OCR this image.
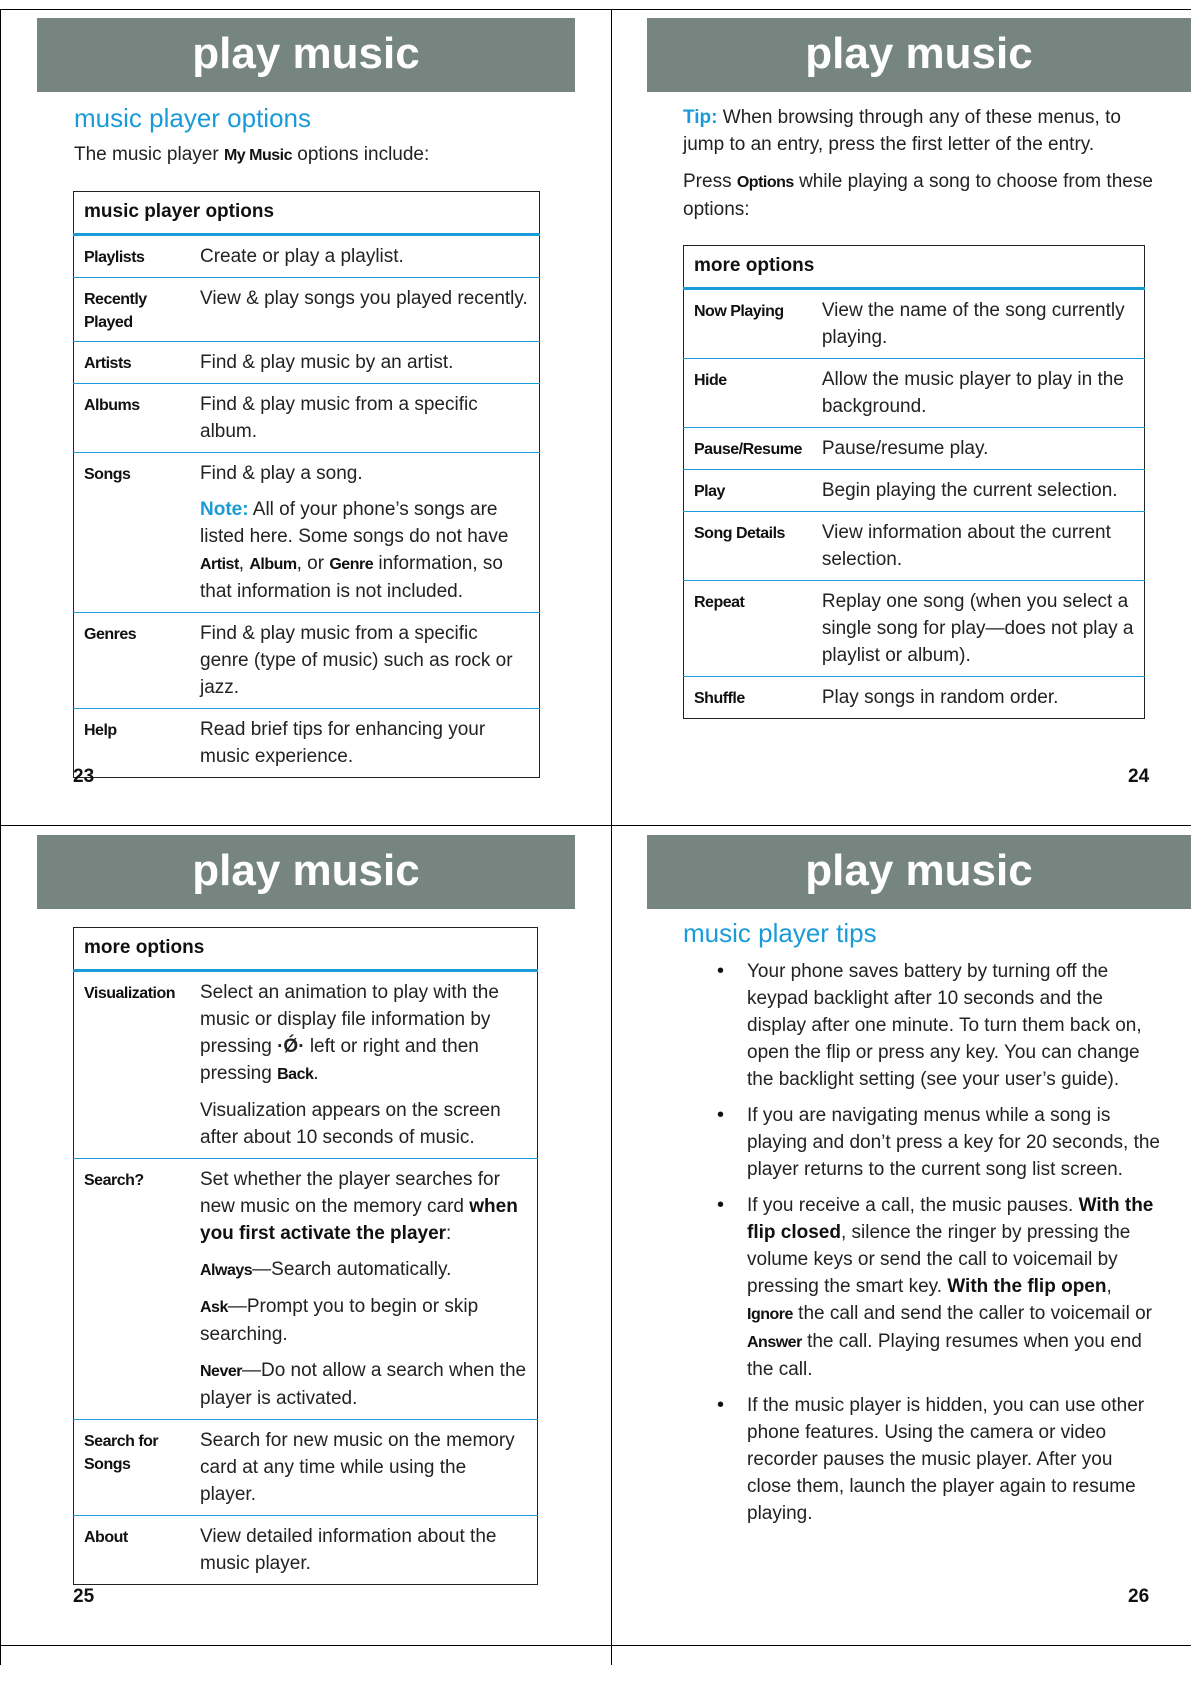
play music
music player options
The music player My Music options include:
music player options	
Playlists	Create or play a playlist.
Recently Played	View & play songs you played recently.
Artists	Find & play music by an artist.
Albums	Find & play music from a specific album.
Songs	Find & play a song.
Note: All of your phone’s songs are listed here. Some songs do not have Artist, Album, or Genre information, so that information is not included.

Genres	Find & play music from a specific genre (type of music) such as rock or jazz.
Help	Read brief tips for enhancing your music experience.
23
play music
Tip: When browsing through any of these menus, to jump to an entry, press the first letter of the entry.
Press Options while playing a song to choose from these options:
more options	
Now Playing	View the name of the song currently playing.
Hide	Allow the music player to play in the background.
Pause/Resume	Pause/resume play.
Play	Begin playing the current selection.
Song Details	View information about the current selection.
Repeat	Replay one song (when you select a single song for play—does not play a playlist or album).
Shuffle	Play songs in random order.
24
play music
more options	
Visualization	Select an animation to play with the music or display file information by pressing ·Ǿ· left or right and then pressing Back.
Visualization appears on the screen after about 10 seconds of music.

Search?	Set whether the player searches for new music on the memory card when you first activate the player:
Always—Search automatically.
Ask—Prompt you to begin or skip searching.
Never—Do not allow a search when the player is activated.

Search for Songs	Search for new music on the memory card at any time while using the player.
About	View detailed information about the music player.
25
play music
music player tips
• Your phone saves battery by turning off the keypad backlight after 10 seconds and the display after one minute. To turn them back on, open the flip or press any key. You can change the backlight setting (see your user’s guide).
• If you are navigating menus while a song is playing and don’t press a key for 20 seconds, the player returns to the current song list screen.
• If you receive a call, the music pauses. With the flip closed, silence the ringer by pressing the volume keys or send the call to voicemail by pressing the smart key. With the flip open, Ignore the call and send the caller to voicemail or Answer the call. Playing resumes when you end the call.
• If the music player is hidden, you can use other phone features. Using the camera or video recorder pauses the music player. After you close them, launch the player again to resume playing.
26
